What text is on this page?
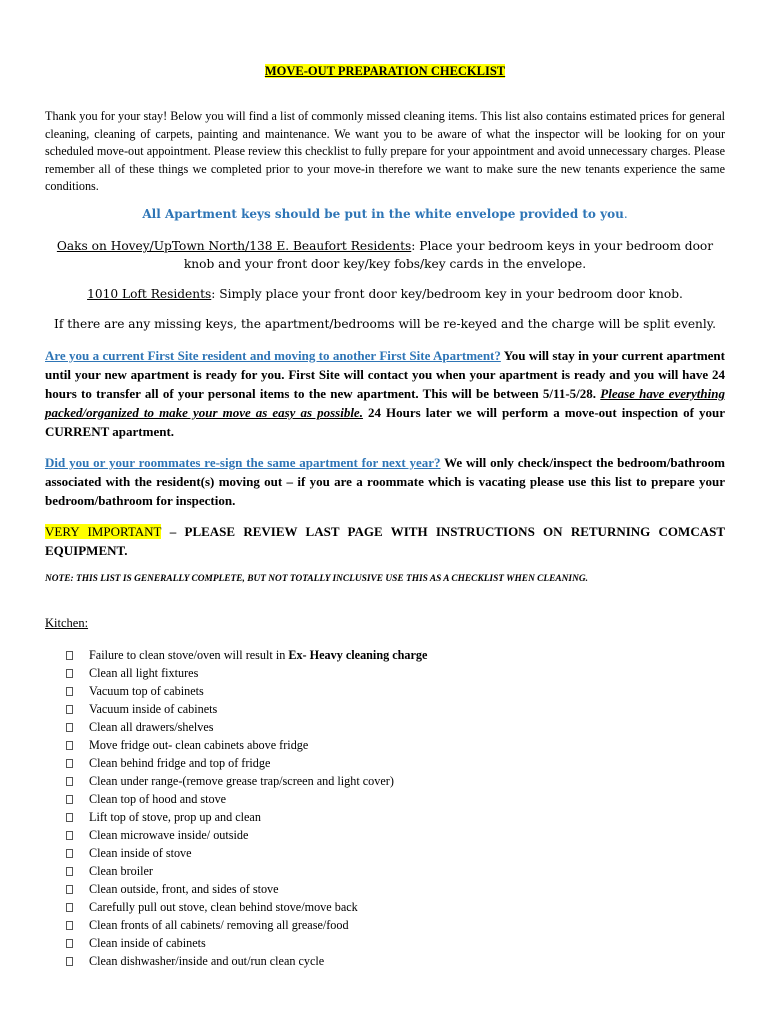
MOVE-OUT PREPARATION CHECKLIST
Thank you for your stay! Below you will find a list of commonly missed cleaning items. This list also contains estimated prices for general cleaning, cleaning of carpets, painting and maintenance. We want you to be aware of what the inspector will be looking for on your scheduled move-out appointment. Please review this checklist to fully prepare for your appointment and avoid unnecessary charges. Please remember all of these things we completed prior to your move-in therefore we want to make sure the new tenants experience the same conditions.
All Apartment keys should be put in the white envelope provided to you.
Oaks on Hovey/UpTown North/138 E. Beaufort Residents: Place your bedroom keys in your bedroom door knob and your front door key/key fobs/key cards in the envelope.
1010 Loft Residents: Simply place your front door key/bedroom key in your bedroom door knob.
If there are any missing keys, the apartment/bedrooms will be re-keyed and the charge will be split evenly.
Are you a current First Site resident and moving to another First Site Apartment? You will stay in your current apartment until your new apartment is ready for you. First Site will contact you when your apartment is ready and you will have 24 hours to transfer all of your personal items to the new apartment. This will be between 5/11-5/28. Please have everything packed/organized to make your move as easy as possible. 24 Hours later we will perform a move-out inspection of your CURRENT apartment.
Did you or your roommates re-sign the same apartment for next year? We will only check/inspect the bedroom/bathroom associated with the resident(s) moving out – if you are a roommate which is vacating please use this list to prepare your bedroom/bathroom for inspection.
VERY IMPORTANT – PLEASE REVIEW LAST PAGE WITH INSTRUCTIONS ON RETURNING COMCAST EQUIPMENT.
NOTE: THIS LIST IS GENERALLY COMPLETE, BUT NOT TOTALLY INCLUSIVE USE THIS AS A CHECKLIST WHEN CLEANING.
Kitchen:
Failure to clean stove/oven will result in Ex- Heavy cleaning charge
Clean all light fixtures
Vacuum top of cabinets
Vacuum inside of cabinets
Clean all drawers/shelves
Move fridge out- clean cabinets above fridge
Clean behind fridge and top of fridge
Clean under range-(remove grease trap/screen and light cover)
Clean top of hood and stove
Lift top of stove, prop up and clean
Clean microwave inside/ outside
Clean inside of stove
Clean broiler
Clean outside, front, and sides of stove
Carefully pull out stove, clean behind stove/move back
Clean fronts of all cabinets/ removing all grease/food
Clean inside of cabinets
Clean dishwasher/inside and out/run clean cycle
